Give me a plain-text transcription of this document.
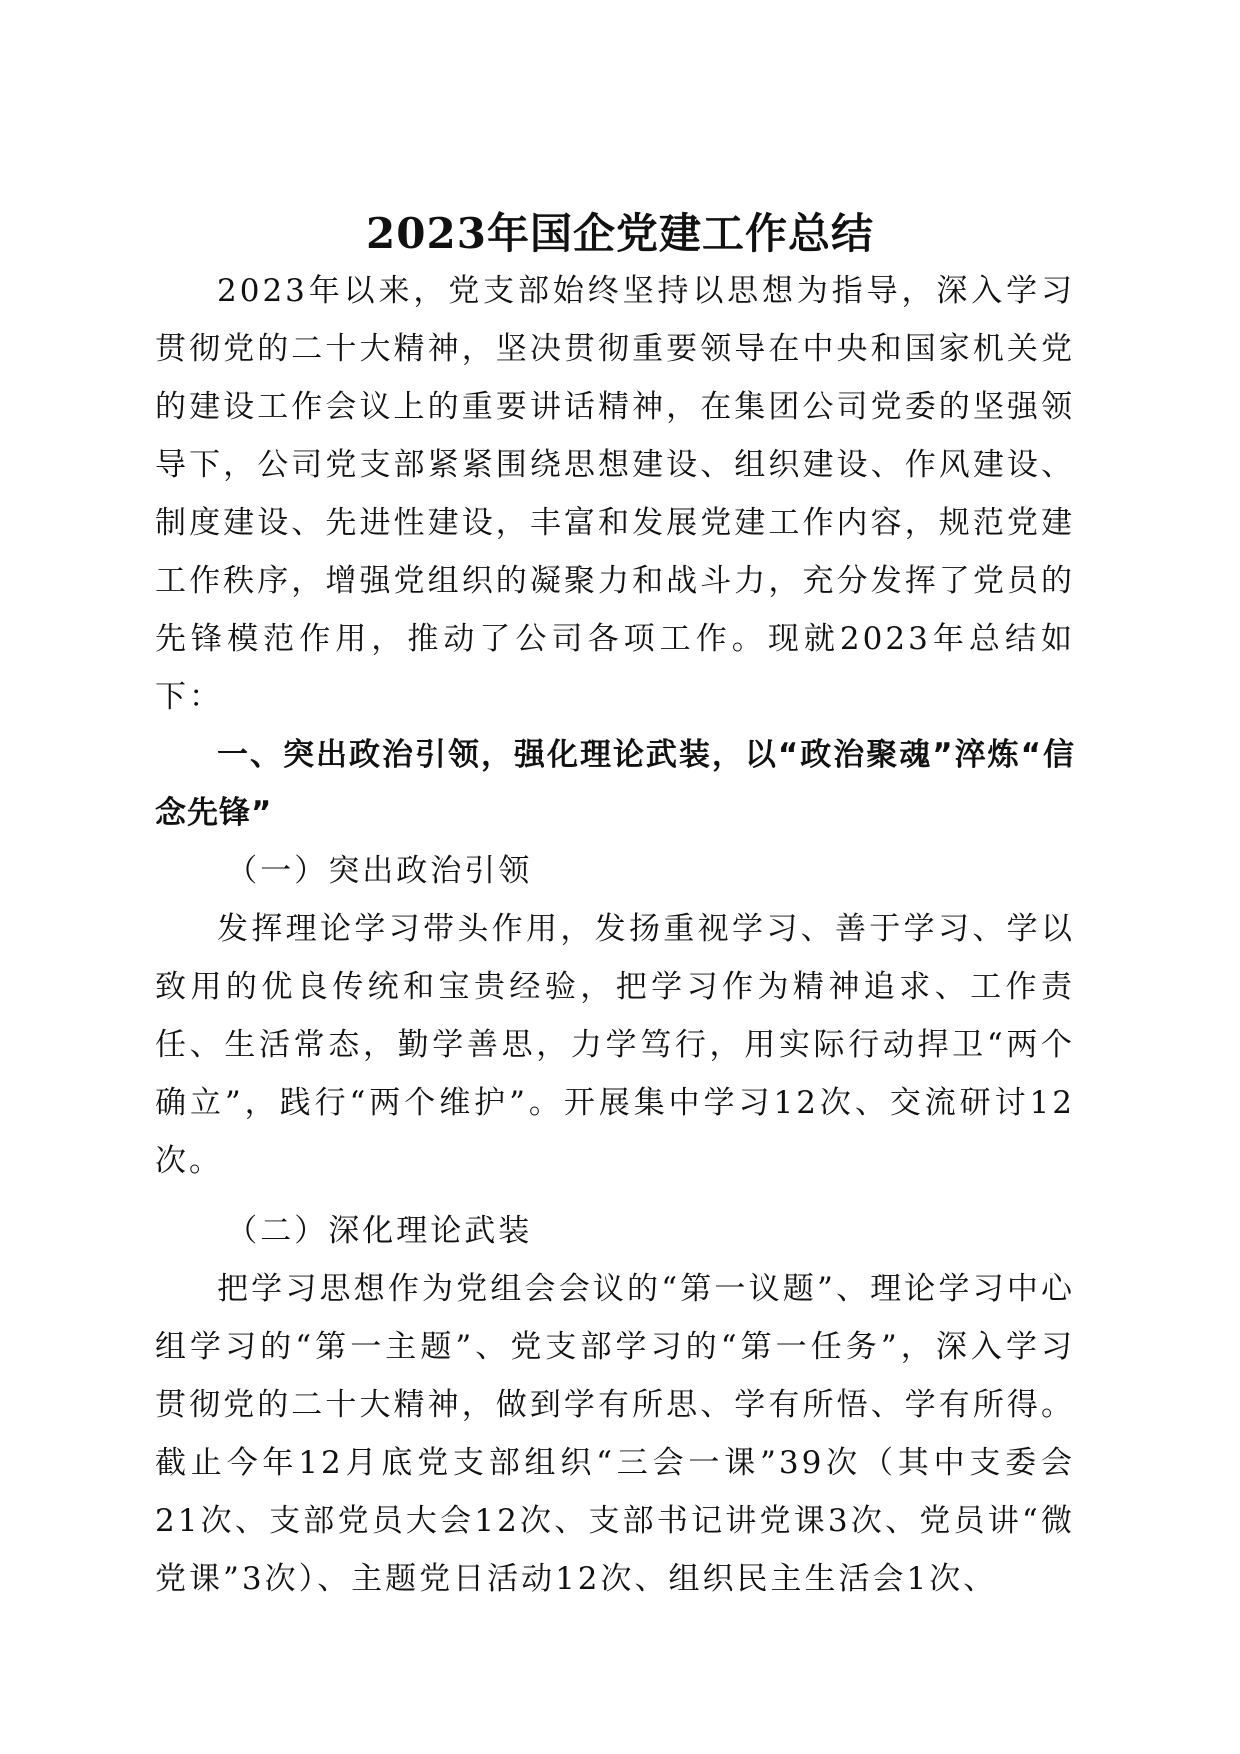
2023年国企党建工作总结

2023年以来，党支部始终坚持以思想为指导，深入学习贯彻党的二十大精神，坚决贯彻重要领导在中央和国家机关党的建设工作会议上的重要讲话精神，在集团公司党委的坚强领导下，公司党支部紧紧围绕思想建设、组织建设、作风建设、制度建设、先进性建设，丰富和发展党建工作内容，规范党建工作秩序，增强党组织的凝聚力和战斗力，充分发挥了党员的先锋模范作用，推动了公司各项工作。现就2023年总结如下：

一、突出政治引领，强化理论武装，以“政治聚魂”淬炼“信念先锋”

（一）突出政治引领

发挥理论学习带头作用，发扬重视学习、善于学习、学以致用的优良传统和宝贵经验，把学习作为精神追求、工作责任、生活常态，勤学善思，力学笃行，用实际行动捍卫“两个确立”，践行“两个维护”。开展集中学习12次、交流研讨12次。

（二）深化理论武装

把学习思想作为党组会会议的“第一议题”、理论学习中心组学习的“第一主题”、党支部学习的“第一任务”，深入学习贯彻党的二十大精神，做到学有所思、学有所悟、学有所得。截止今年12月底党支部组织“三会一课”39次（其中支委会21次、支部党员大会12次、支部书记讲党课3次、党员讲“微党课”3次）、主题党日活动12次、组织民主生活会1次、
